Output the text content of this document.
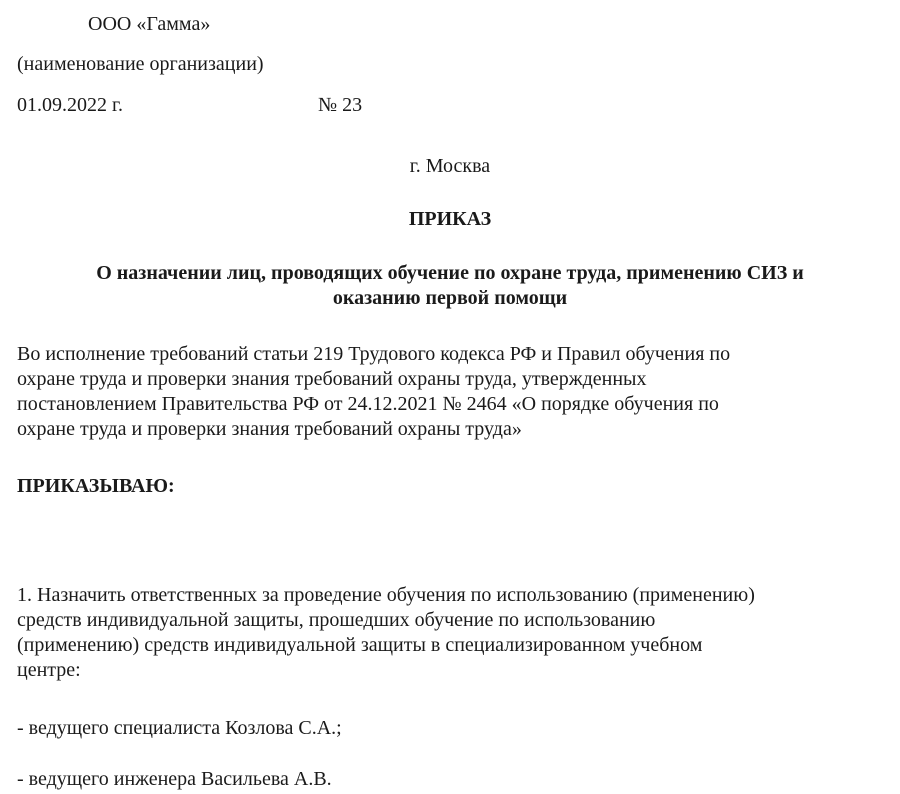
ООО «Гамма»
(наименование организации)
01.09.2022 г.	№ 23
г. Москва
ПРИКАЗ
О назначении лиц, проводящих обучение по охране труда, применению СИЗ и
оказанию первой помощи
Во исполнение требований статьи 219 Трудового кодекса РФ и Правил обучения по
охране труда и проверки знания требований охраны труда, утвержденных
постановлением Правительства РФ от 24.12.2021 № 2464 «О порядке обучения по
охране труда и проверки знания требований охраны труда»
ПРИКАЗЫВАЮ:
1. Назначить ответственных за проведение обучения по использованию (применению)
средств индивидуальной защиты, прошедших обучение по использованию
(применению) средств индивидуальной защиты в специализированном учебном
центре:
- ведущего специалиста Козлова С.А.;
- ведущего инженера Васильева А.В.
